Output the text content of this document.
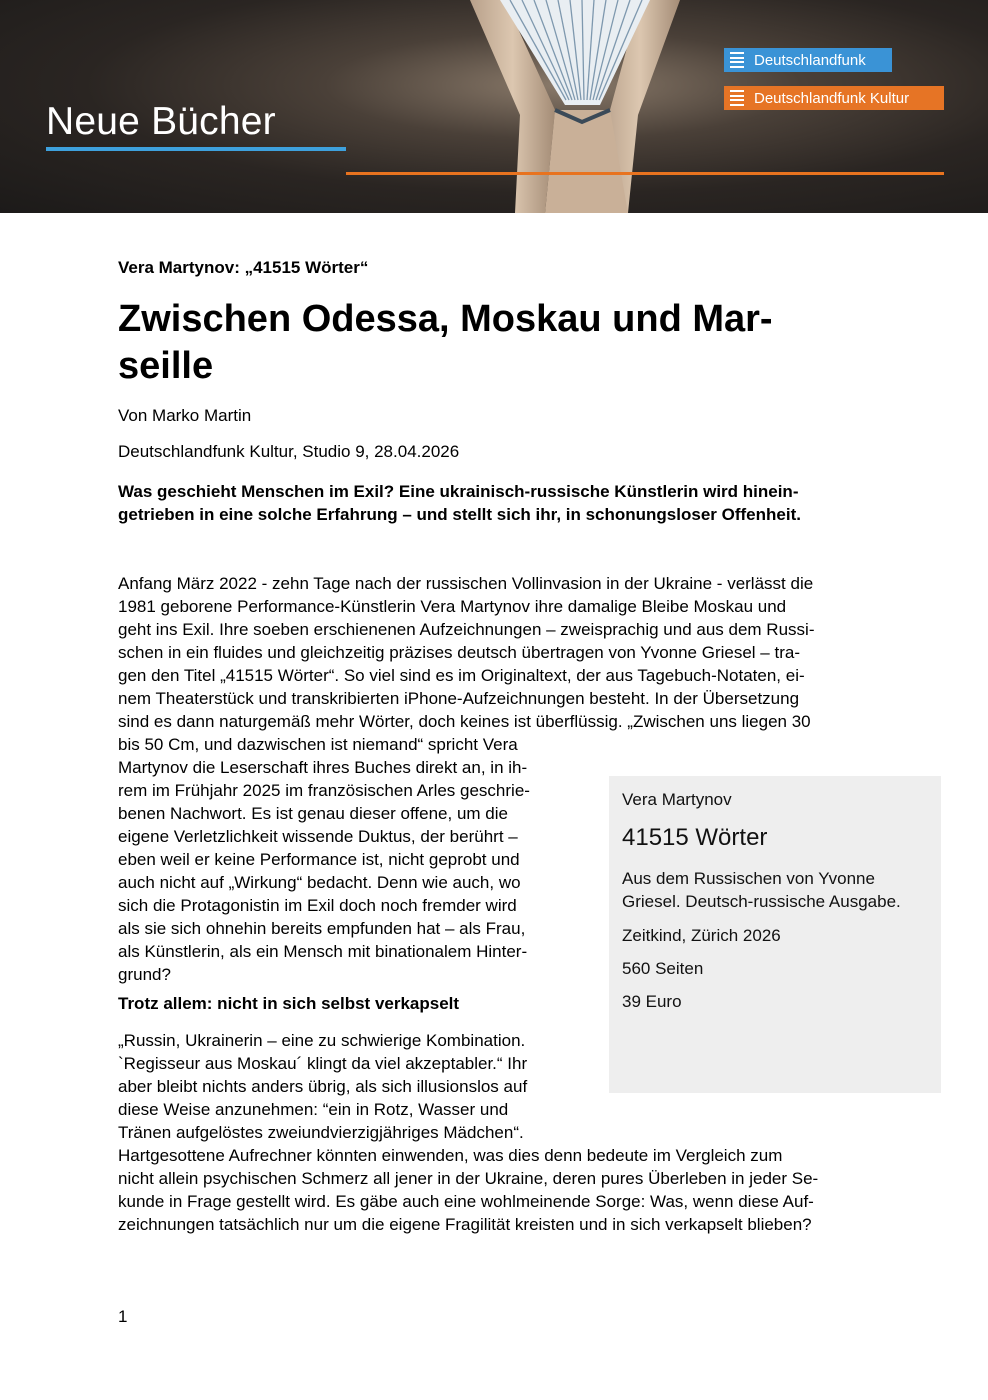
Deutschlandfunk
Deutschlandfunk Kultur
Neue Bücher
Vera Martynov: „41515 Wörter“
Zwischen Odessa, Moskau und Mar-
seille
Von Marko Martin
Deutschlandfunk Kultur, Studio 9, 28.04.2026
Was geschieht Menschen im Exil? Eine ukrainisch-russische Künstlerin wird hinein-
getrieben in eine solche Erfahrung – und stellt sich ihr, in schonungsloser Offenheit.
Anfang März 2022 - zehn Tage nach der russischen Vollinvasion in der Ukraine - verlässt die
1981 geborene Performance-Künstlerin Vera Martynov ihre damalige Bleibe Moskau und
geht ins Exil. Ihre soeben erschienenen Aufzeichnungen – zweisprachig und aus dem Russi-
schen in ein fluides und gleichzeitig präzises deutsch übertragen von Yvonne Griesel – tra-
gen den Titel „41515 Wörter“. So viel sind es im Originaltext, der aus Tagebuch-Notaten, ei-
nem Theaterstück und transkribierten iPhone-Aufzeichnungen besteht. In der Übersetzung
sind es dann naturgemäß mehr Wörter, doch keines ist überflüssig. „Zwischen uns liegen 30
bis 50 Cm, und dazwischen ist niemand“ spricht Vera
Martynov die Leserschaft ihres Buches direkt an, in ih-
rem im Frühjahr 2025 im französischen Arles geschrie-
benen Nachwort. Es ist genau dieser offene, um die
eigene Verletzlichkeit wissende Duktus, der berührt –
eben weil er keine Performance ist, nicht geprobt und
auch nicht auf „Wirkung“ bedacht. Denn wie auch, wo
sich die Protagonistin im Exil doch noch fremder wird
als sie sich ohnehin bereits empfunden hat – als Frau,
als Künstlerin, als ein Mensch mit binationalem Hinter-
grund?
Trotz allem: nicht in sich selbst verkapselt
„Russin, Ukrainerin – eine zu schwierige Kombination.
`Regisseur aus Moskau´ klingt da viel akzeptabler.“ Ihr
aber bleibt nichts anders übrig, als sich illusionslos auf
diese Weise anzunehmen: “ein in Rotz, Wasser und
Tränen aufgelöstes zweiundvierzigjähriges Mädchen“.
Hartgesottene Aufrechner könnten einwenden, was dies denn bedeute im Vergleich zum
nicht allein psychischen Schmerz all jener in der Ukraine, deren pures Überleben in jeder Se-
kunde in Frage gestellt wird. Es gäbe auch eine wohlmeinende Sorge: Was, wenn diese Auf-
zeichnungen tatsächlich nur um die eigene Fragilität kreisten und in sich verkapselt blieben?
Vera Martynov
41515 Wörter
Aus dem Russischen von Yvonne
Griesel. Deutsch-russische Ausgabe.
Zeitkind, Zürich 2026
560 Seiten
39 Euro
1
